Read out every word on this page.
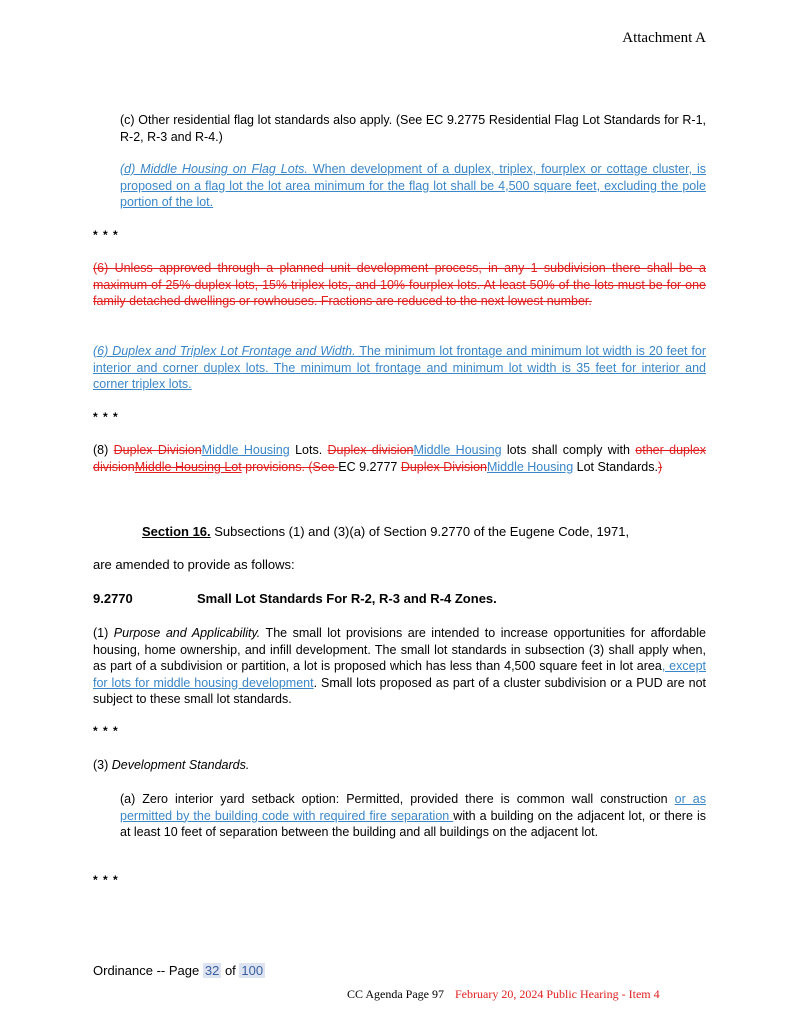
Attachment A
(c) Other residential flag lot standards also apply. (See EC 9.2775 Residential Flag Lot Standards for R-1, R-2, R-3 and R-4.)
(d) Middle Housing on Flag Lots. When development of a duplex, triplex, fourplex or cottage cluster, is proposed on a flag lot the lot area minimum for the flag lot shall be 4,500 square feet, excluding the pole portion of the lot.
* * *
(6) Unless approved through a planned unit development process, in any 1 subdivision there shall be a maximum of 25% duplex lots, 15% triplex lots, and 10% fourplex lots. At least 50% of the lots must be for one family detached dwellings or rowhouses. Fractions are reduced to the next lowest number.
(6) Duplex and Triplex Lot Frontage and Width. The minimum lot frontage and minimum lot width is 20 feet for interior and corner duplex lots. The minimum lot frontage and minimum lot width is 35 feet for interior and corner triplex lots.
* * *
(8) Duplex DivisionMiddle Housing Lots. Duplex divisionMiddle Housing lots shall comply with other duplex divisionMiddle Housing Lot provisions. (See EC 9.2777 Duplex DivisionMiddle Housing Lot Standards.)
Section 16. Subsections (1) and (3)(a) of Section 9.2770 of the Eugene Code, 1971,
are amended to provide as follows:
9.2770	Small Lot Standards For R-2, R-3 and R-4 Zones.
(1) Purpose and Applicability. The small lot provisions are intended to increase opportunities for affordable housing, home ownership, and infill development. The small lot standards in subsection (3) shall apply when, as part of a subdivision or partition, a lot is proposed which has less than 4,500 square feet in lot area, except for lots for middle housing development. Small lots proposed as part of a cluster subdivision or a PUD are not subject to these small lot standards.
* * *
(3) Development Standards.
(a) Zero interior yard setback option: Permitted, provided there is common wall construction or as permitted by the building code with required fire separation with a building on the adjacent lot, or there is at least 10 feet of separation between the building and all buildings on the adjacent lot.
* * *
Ordinance -- Page 32 of 100
CC Agenda Page 97 February 20, 2024 Public Hearing - Item 4
